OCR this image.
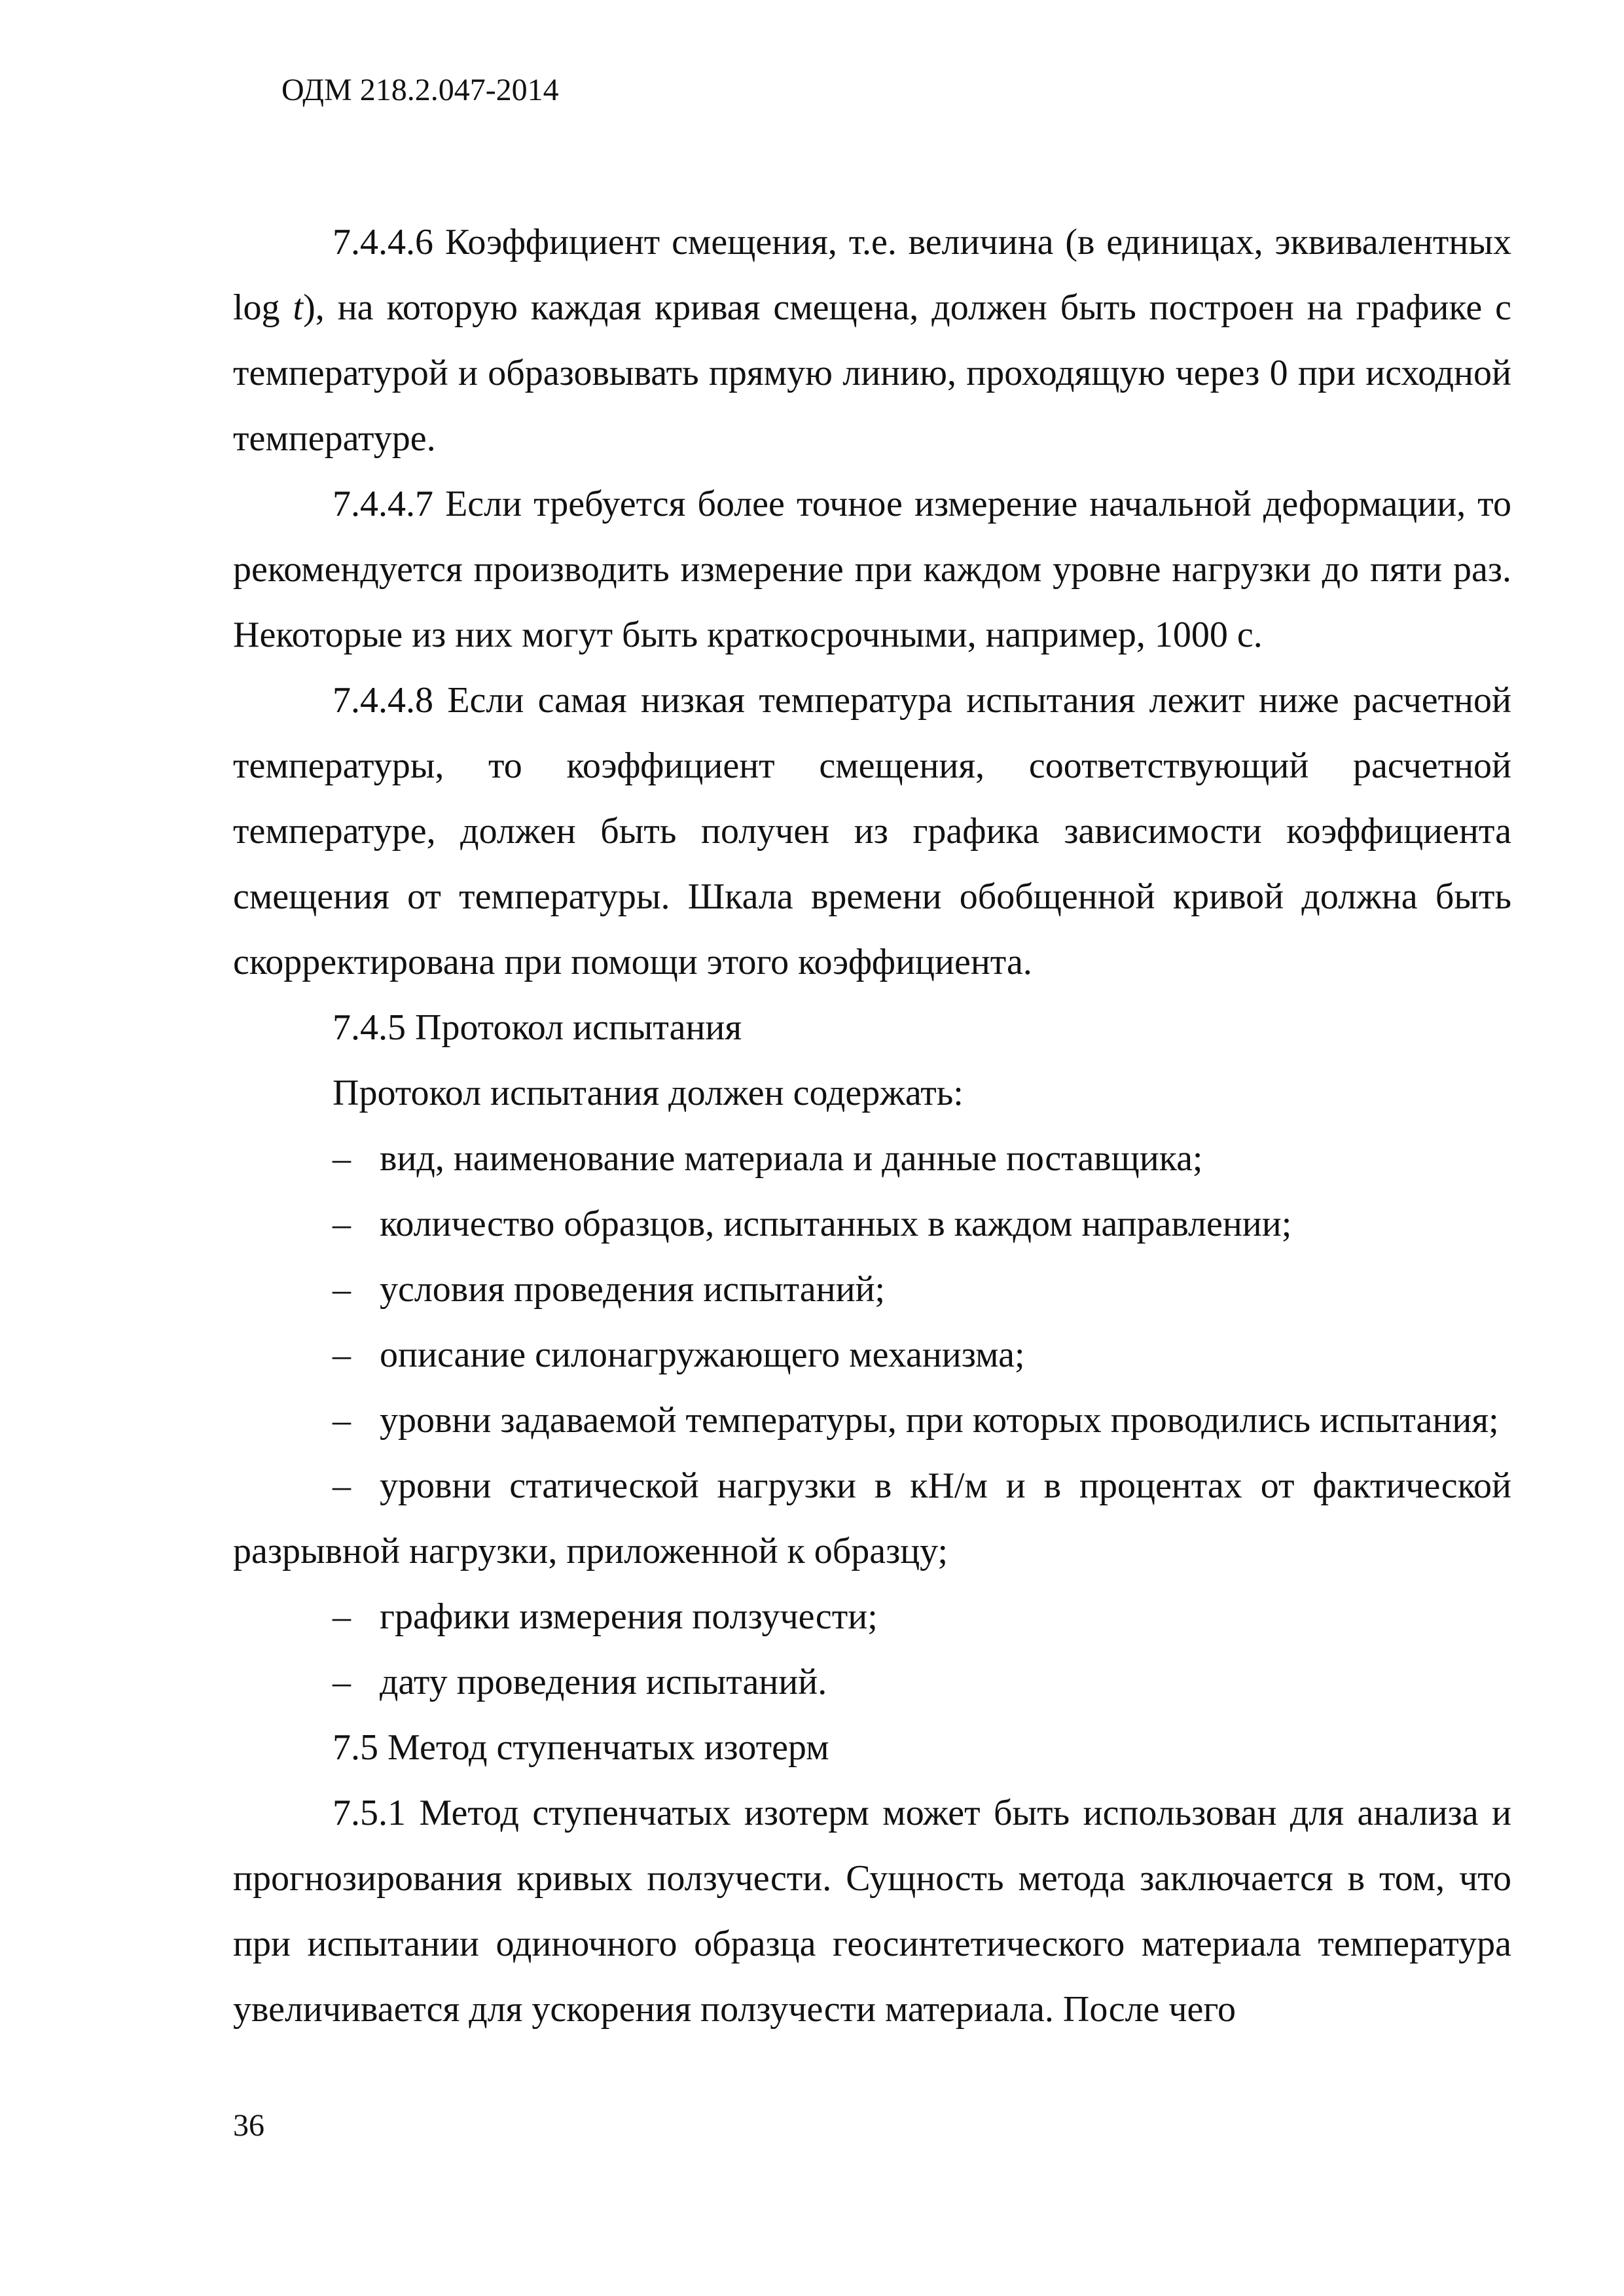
ОДМ 218.2.047-2014

7.4.4.6 Коэффициент смещения, т.е. величина (в единицах, эквивалентных log t), на которую каждая кривая смещена, должен быть построен на графике с температурой и образовывать прямую линию, проходящую через 0 при исходной температуре.

7.4.4.7 Если требуется более точное измерение начальной деформации, то рекомендуется производить измерение при каждом уровне нагрузки до пяти раз. Некоторые из них могут быть краткосрочными, например, 1000 с.

7.4.4.8 Если самая низкая температура испытания лежит ниже расчетной температуры, то коэффициент смещения, соответствующий расчетной температуре, должен быть получен из графика зависимости коэффициента смещения от температуры. Шкала времени обобщенной кривой должна быть скорректирована при помощи этого коэффициента.

7.4.5 Протокол испытания

Протокол испытания должен содержать:

– вид, наименование материала и данные поставщика;

– количество образцов, испытанных в каждом направлении;

– условия проведения испытаний;

– описание силонагружающего механизма;

– уровни задаваемой температуры, при которых проводились испытания;

– уровни статической нагрузки в кН/м и в процентах от фактической разрывной нагрузки, приложенной к образцу;

– графики измерения ползучести;

– дату проведения испытаний.

7.5 Метод ступенчатых изотерм

7.5.1 Метод ступенчатых изотерм может быть использован для анализа и прогнозирования кривых ползучести. Сущность метода заключается в том, что при испытании одиночного образца геосинтетического материала температура увеличивается для ускорения ползучести материала. После чего

36
